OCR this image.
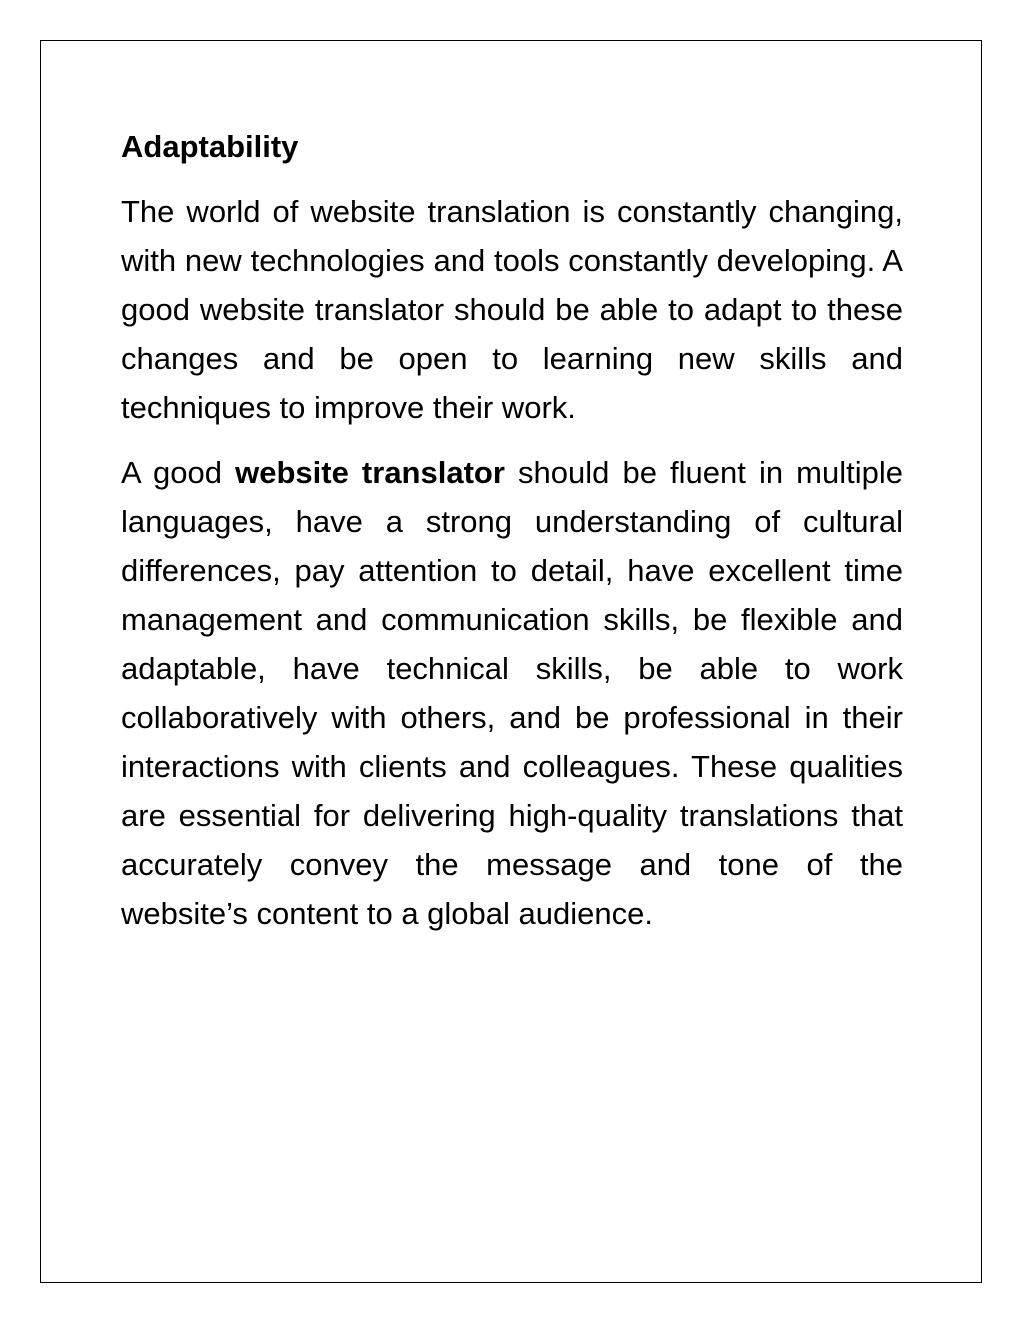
Adaptability

The world of website translation is constantly changing, with new technologies and tools constantly developing. A good website translator should be able to adapt to these changes and be open to learning new skills and techniques to improve their work.

A good website translator should be fluent in multiple languages, have a strong understanding of cultural differences, pay attention to detail, have excellent time management and communication skills, be flexible and adaptable, have technical skills, be able to work collaboratively with others, and be professional in their interactions with clients and colleagues. These qualities are essential for delivering high-quality translations that accurately convey the message and tone of the website’s content to a global audience.
